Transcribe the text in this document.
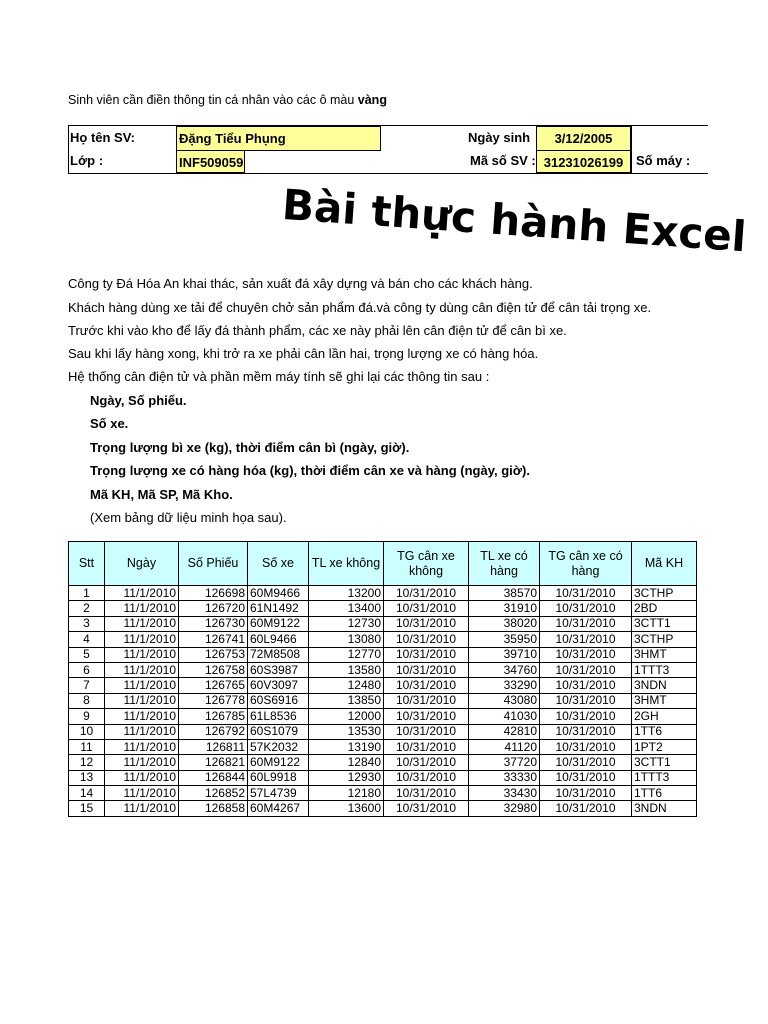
Sinh viên cần điền thông tin cá nhân vào các ô màu vàng
Họ tên SV:	Đặng Tiểu Phụng	Ngày sinh	3/12/2005
Lớp :	INF509059	Mã số SV : 31231026199 Số máy :
Bài thực hành Excel
Công ty Đá Hóa An khai thác, sản xuất đá xây dựng và bán cho các khách hàng.
Khách hàng dùng xe tải để chuyên chở sản phẩm đá.và công ty dùng cân điện tử để cân tải trọng xe.
Trước khi vào kho để lấy đá thành phẩm, các xe này phải lên cân điện tử để cân bì xe.
Sau khi lấy hàng xong, khi trở ra xe phải cân lần hai, trọng lượng xe có hàng hóa.
Hệ thống cân điện tử và phần mềm máy tính sẽ ghi lại các thông tin sau :
Ngày, Số phiếu.
Số xe.
Trọng lượng bì xe (kg), thời điểm cân bì (ngày, giờ).
Trọng lượng xe có hàng hóa (kg), thời điểm cân xe và hàng (ngày, giờ).
Mã KH, Mã SP, Mã Kho.
(Xem bảng dữ liệu minh họa sau).
Stt	Ngày	Số Phiếu	Số xe	TL xe không	TG cân xe không	TL xe có hàng	TG cân xe có hàng	Mã KH
1	11/1/2010	126698	60M9466	13200	10/31/2010	38570	10/31/2010	3CTHP
2	11/1/2010	126720	61N1492	13400	10/31/2010	31910	10/31/2010	2BD
3	11/1/2010	126730	60M9122	12730	10/31/2010	38020	10/31/2010	3CTT1
4	11/1/2010	126741	60L9466	13080	10/31/2010	35950	10/31/2010	3CTHP
5	11/1/2010	126753	72M8508	12770	10/31/2010	39710	10/31/2010	3HMT
6	11/1/2010	126758	60S3987	13580	10/31/2010	34760	10/31/2010	1TTT3
7	11/1/2010	126765	60V3097	12480	10/31/2010	33290	10/31/2010	3NDN
8	11/1/2010	126778	60S6916	13850	10/31/2010	43080	10/31/2010	3HMT
9	11/1/2010	126785	61L8536	12000	10/31/2010	41030	10/31/2010	2GH
10	11/1/2010	126792	60S1079	13530	10/31/2010	42810	10/31/2010	1TT6
11	11/1/2010	126811	57K2032	13190	10/31/2010	41120	10/31/2010	1PT2
12	11/1/2010	126821	60M9122	12840	10/31/2010	37720	10/31/2010	3CTT1
13	11/1/2010	126844	60L9918	12930	10/31/2010	33330	10/31/2010	1TTT3
14	11/1/2010	126852	57L4739	12180	10/31/2010	33430	10/31/2010	1TT6
15	11/1/2010	126858	60M4267	13600	10/31/2010	32980	10/31/2010	3NDN
